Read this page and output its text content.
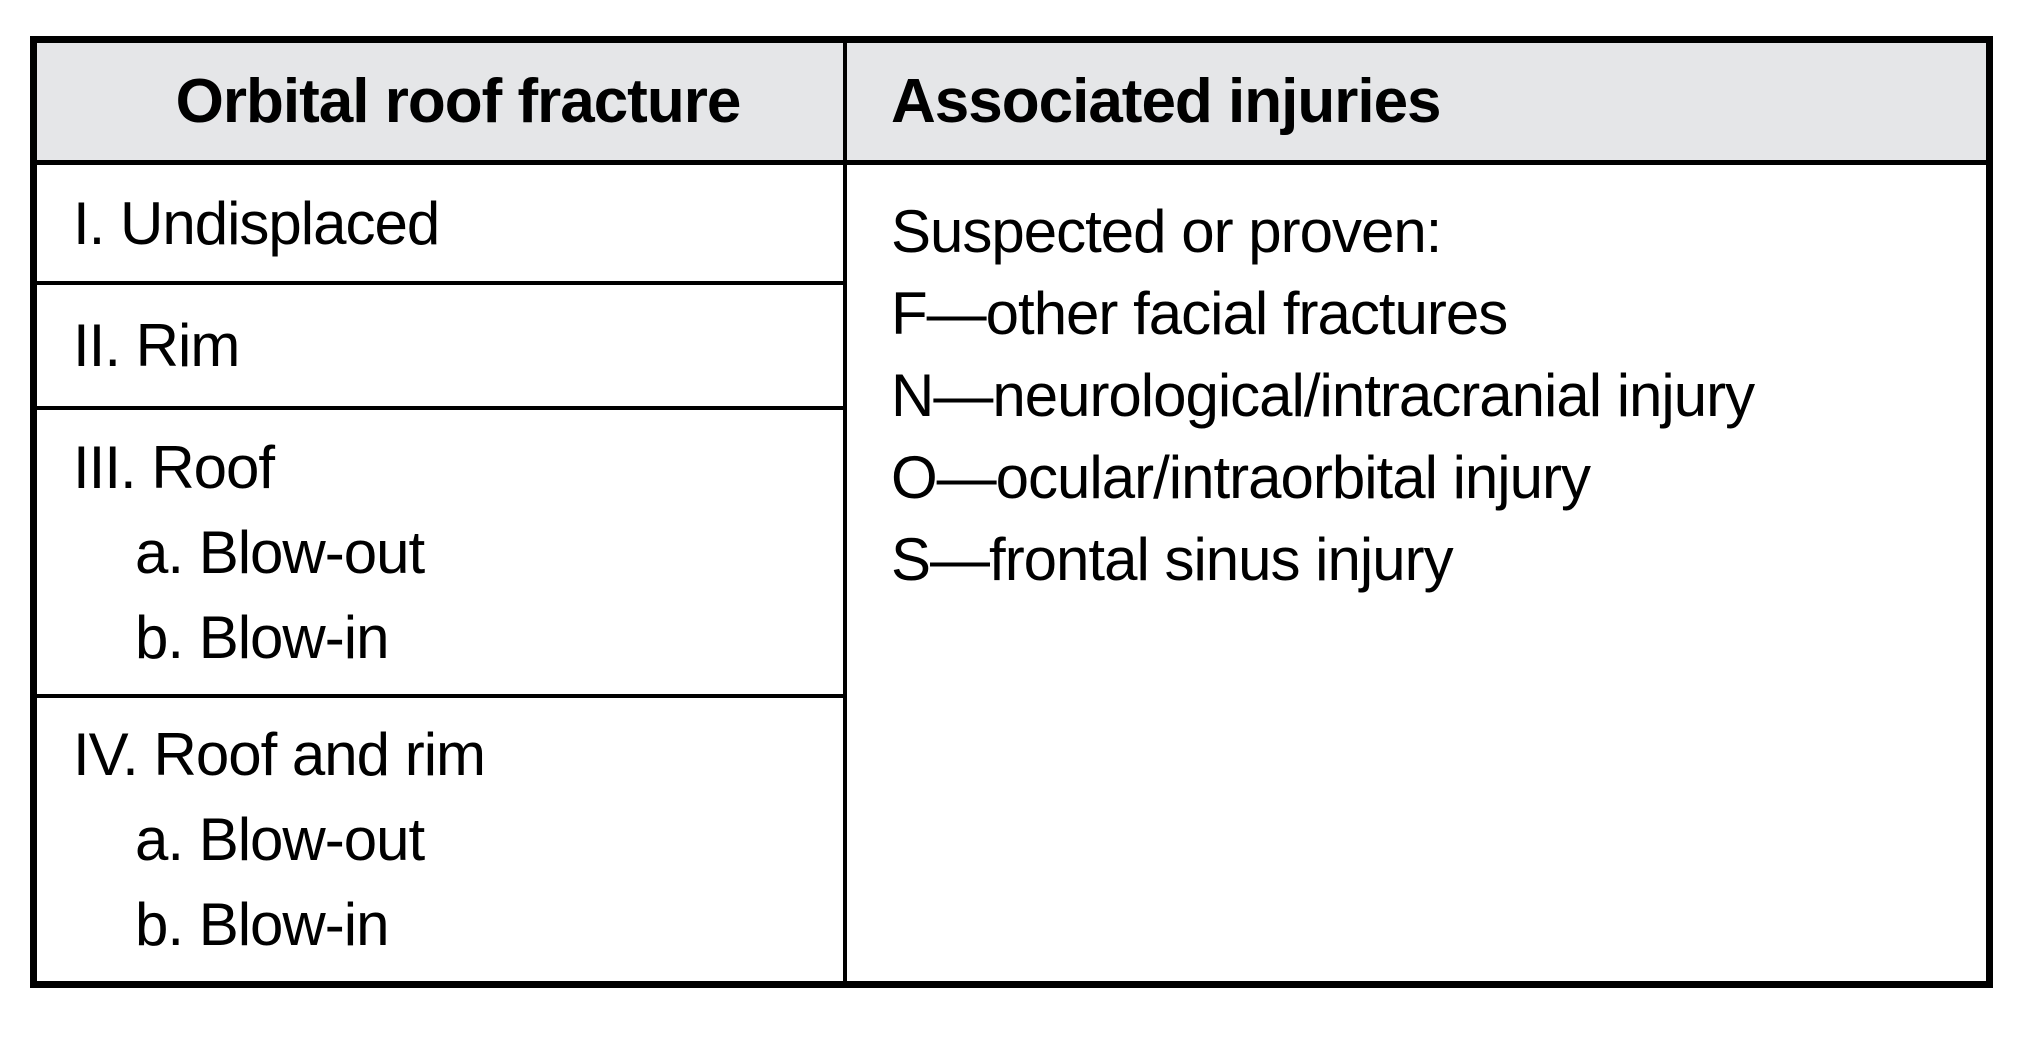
Orbital roof fracture Associated injuries
I. Undisplaced
II. Rim
III. Roof
a. Blow-out
b. Blow-in
IV. Roof and rim
a. Blow-out
b. Blow-in
Suspected or proven:
F—other facial fractures
N—neurological/intracranial injury
O—ocular/intraorbital injury
S—frontal sinus injury
